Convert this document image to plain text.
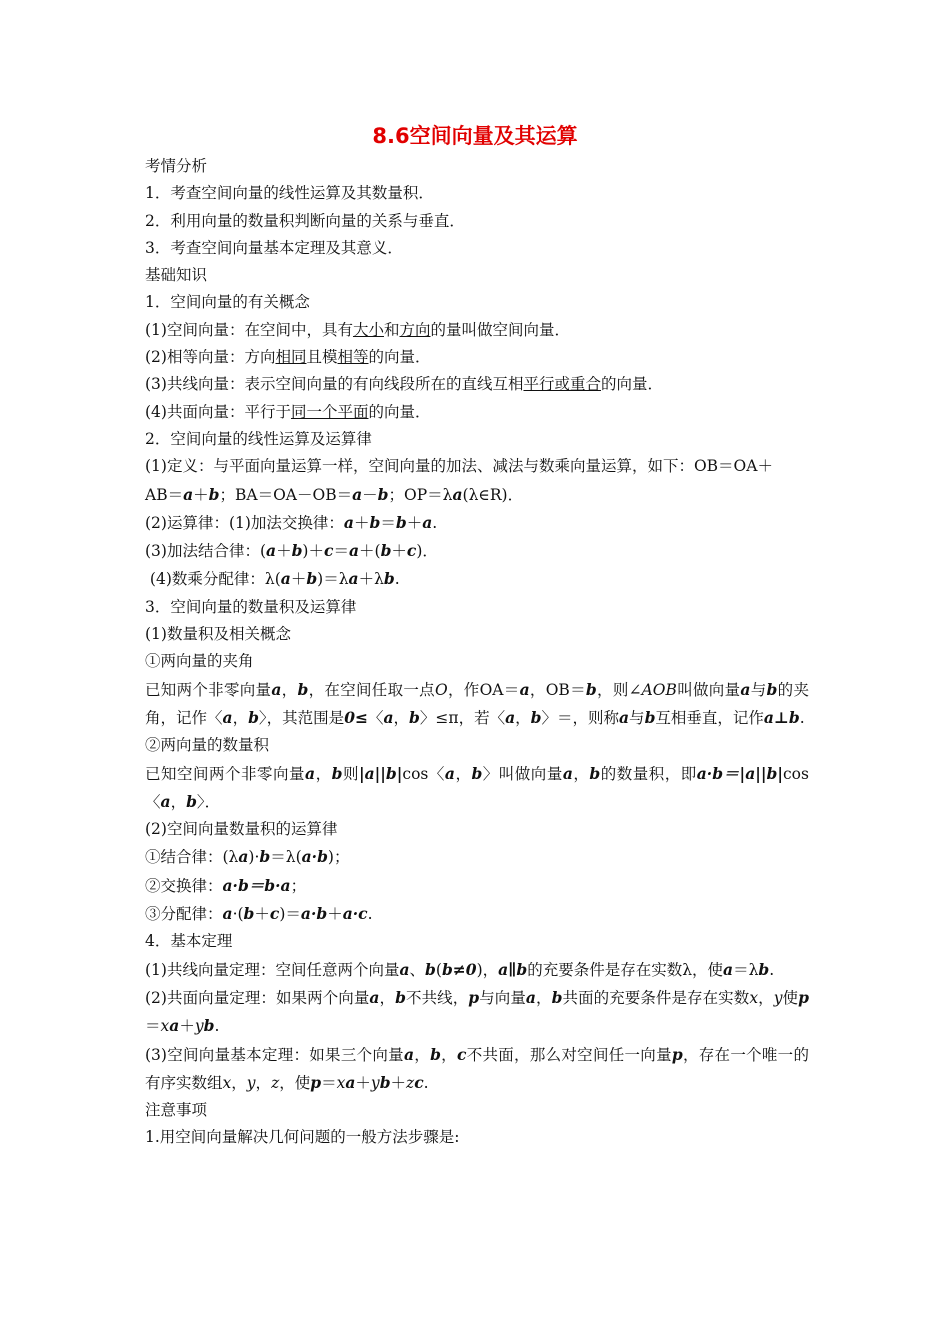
8.6空间向量及其运算
考情分析
1．考查空间向量的线性运算及其数量积．
2．利用向量的数量积判断向量的关系与垂直．
3．考查空间向量基本定理及其意义．
基础知识
1．空间向量的有关概念
(1)空间向量：在空间中，具有大小和方向的量叫做空间向量．
(2)相等向量：方向相同且模相等的向量．
(3)共线向量：表示空间向量的有向线段所在的直线互相平行或重合的向量．
(4)共面向量：平行于同一个平面的向量．
2．空间向量的线性运算及运算律
(1)定义：与平面向量运算一样，空间向量的加法、减法与数乘向量运算，如下：OB＝OA＋
AB＝a＋b；BA＝OA－OB＝a－b；OP＝λa(λ∈R)．
(2)运算律：(1)加法交换律：a＋b＝b＋a.
(3)加法结合律：(a＋b)＋c＝a＋(b＋c)．
(4)数乘分配律：λ(a＋b)＝λa＋λb.
3．空间向量的数量积及运算律
(1)数量积及相关概念
①两向量的夹角
已知两个非零向量a，b，在空间任取一点O，作OA＝a，OB＝b，则∠AOB叫做向量a与b的夹角，记作〈a，b〉，其范围是0≤〈a，b〉≤π，若〈a，b〉＝，则称a与b互相垂直，记作a⊥b.
②两向量的数量积
已知空间两个非零向量a，b则|a||b|cos〈a，b〉叫做向量a，b的数量积，即a·b＝|a||b|cos〈a，b〉．
(2)空间向量数量积的运算律
①结合律：(λa)·b＝λ(a·b)；
②交换律：a·b＝b·a；
③分配律：a·(b＋c)＝a·b＋a·c.
4．基本定理
(1)共线向量定理：空间任意两个向量a、b(b≠0)，a∥b的充要条件是存在实数λ，使a＝λb.
(2)共面向量定理：如果两个向量a，b不共线，p与向量a，b共面的充要条件是存在实数x，y使p＝xa＋yb.
(3)空间向量基本定理：如果三个向量a，b，c不共面，那么对空间任一向量p，存在一个唯一的有序实数组x，y，z，使p＝xa＋yb＋zc.
注意事项
1.用空间向量解决几何问题的一般方法步骤是:
